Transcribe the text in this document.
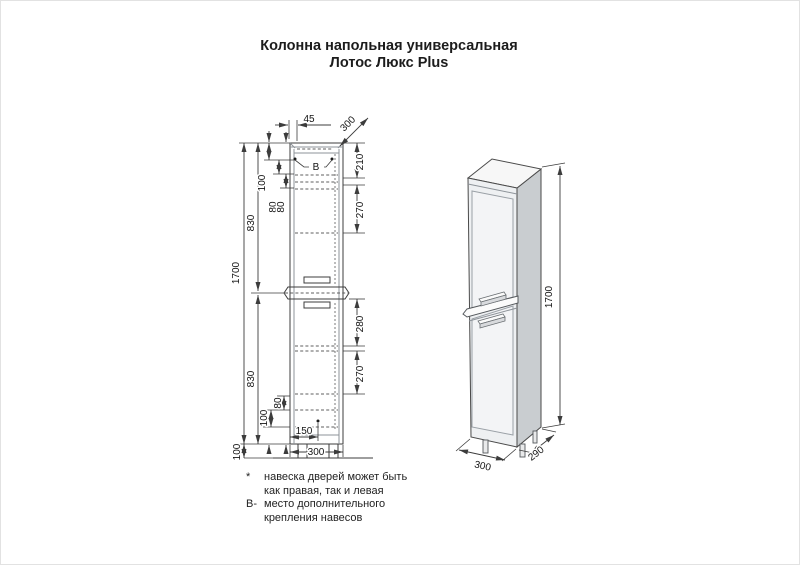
Колонна напольная универсальная
Лотос Люкс Plus
В
1700
830
830
100
100
80
80
80
100
210
270
280
270
45 300
150
300
1700
300
290
*	навеска дверей может быть
как правая, так и левая
В- место дополнительного
крепления навесов
